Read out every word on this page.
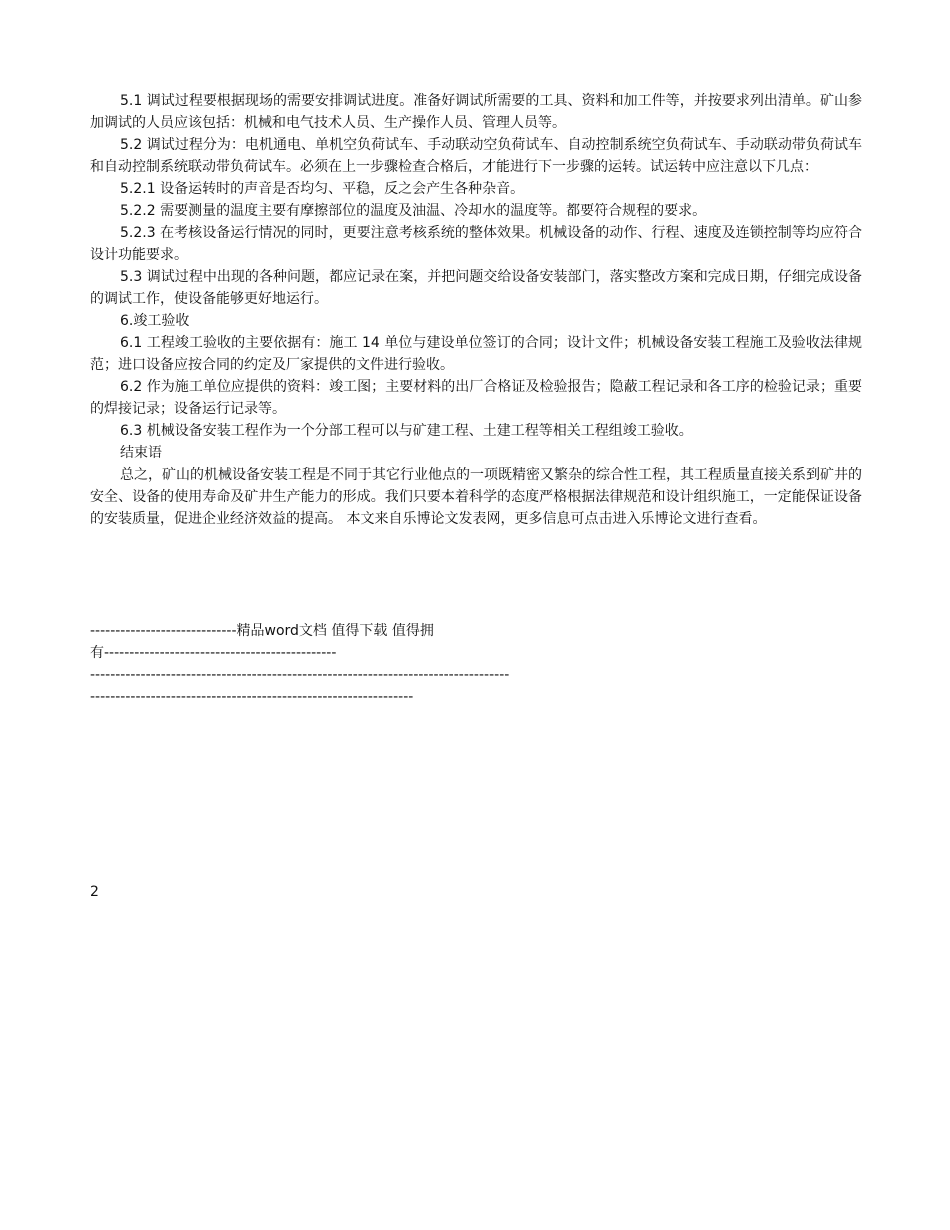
5.1 调试过程要根据现场的需要安排调试进度。准备好调试所需要的工具、资料和加工件等，并按要求列出清单。矿山参加调试的人员应该包括：机械和电气技术人员、生产操作人员、管理人员等。

5.2 调试过程分为：电机通电、单机空负荷试车、手动联动空负荷试车、自动控制系统空负荷试车、手动联动带负荷试车和自动控制系统联动带负荷试车。必须在上一步骤检查合格后，才能进行下一步骤的运转。试运转中应注意以下几点：

5.2.1 设备运转时的声音是否均匀、平稳，反之会产生各种杂音。

5.2.2 需要测量的温度主要有摩擦部位的温度及油温、冷却水的温度等。都要符合规程的要求。

5.2.3 在考核设备运行情况的同时，更要注意考核系统的整体效果。机械设备的动作、行程、速度及连锁控制等均应符合设计功能要求。

5.3 调试过程中出现的各种问题，都应记录在案，并把问题交给设备安装部门，落实整改方案和完成日期，仔细完成设备的调试工作，使设备能够更好地运行。

6.竣工验收

6.1 工程竣工验收的主要依据有：施工 14 单位与建设单位签订的合同；设计文件；机械设备安装工程施工及验收法律规范；进口设备应按合同的约定及厂家提供的文件进行验收。

6.2 作为施工单位应提供的资料：竣工图；主要材料的出厂合格证及检验报告；隐蔽工程记录和各工序的检验记录；重要的焊接记录；设备运行记录等。

6.3 机械设备安装工程作为一个分部工程可以与矿建工程、土建工程等相关工程组竣工验收。

结束语

总之，矿山的机械设备安装工程是不同于其它行业他点的一项既精密又繁杂的综合性工程，其工程质量直接关系到矿井的安全、设备的使用寿命及矿井生产能力的形成。我们只要本着科学的态度严格根据法律规范和设计组织施工，一定能保证设备的安装质量，促进企业经济效益的提高。 本文来自乐博论文发表网，更多信息可点击进入乐博论文进行查看。

-----------------------------精品word文档 值得下载 值得拥

有----------------------------------------------

-----------------------------------------------------------------------------------

----------------------------------------------------------------

2
